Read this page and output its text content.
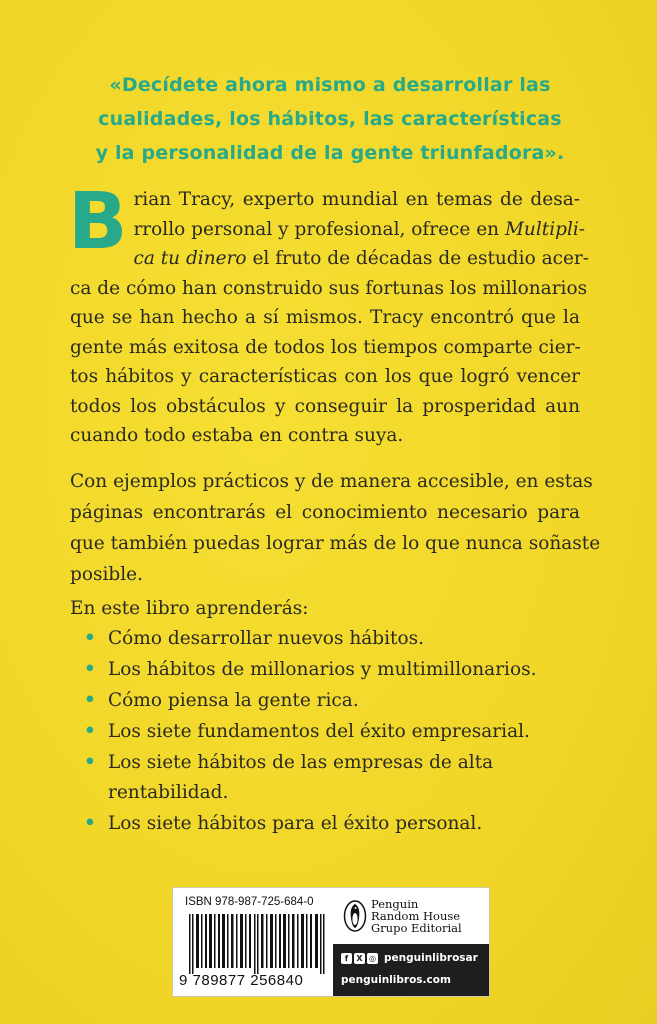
«Decídete ahora mismo a desarrollar las
cualidades, los hábitos, las características
y la personalidad de la gente triunfadora».
B rian Tracy, experto mundial en temas de desa-
rrollo personal y profesional, ofrece en Multipli-
ca tu dinero el fruto de décadas de estudio acer-
ca de cómo han construido sus fortunas los millonarios
que se han hecho a sí mismos. Tracy encontró que la
gente más exitosa de todos los tiempos comparte cier-
tos hábitos y características con los que logró vencer
todos los obstáculos y conseguir la prosperidad aun
cuando todo estaba en contra suya.
Con ejemplos prácticos y de manera accesible, en estas
páginas encontrarás el conocimiento necesario para
que también puedas lograr más de lo que nunca soñaste
posible.
En este libro aprenderás:
• Cómo desarrollar nuevos hábitos.
• Los hábitos de millonarios y multimillonarios.
• Cómo piensa la gente rica.
• Los siete fundamentos del éxito empresarial.
• Los siete hábitos de las empresas de alta
rentabilidad.
• Los siete hábitos para el éxito personal.
ISBN 978-987-725-684-0
9 789877 256840
Penguin
Random House
Grupo Editorial
f	X ◎ penguinlibrosar
penguinlibros.com
